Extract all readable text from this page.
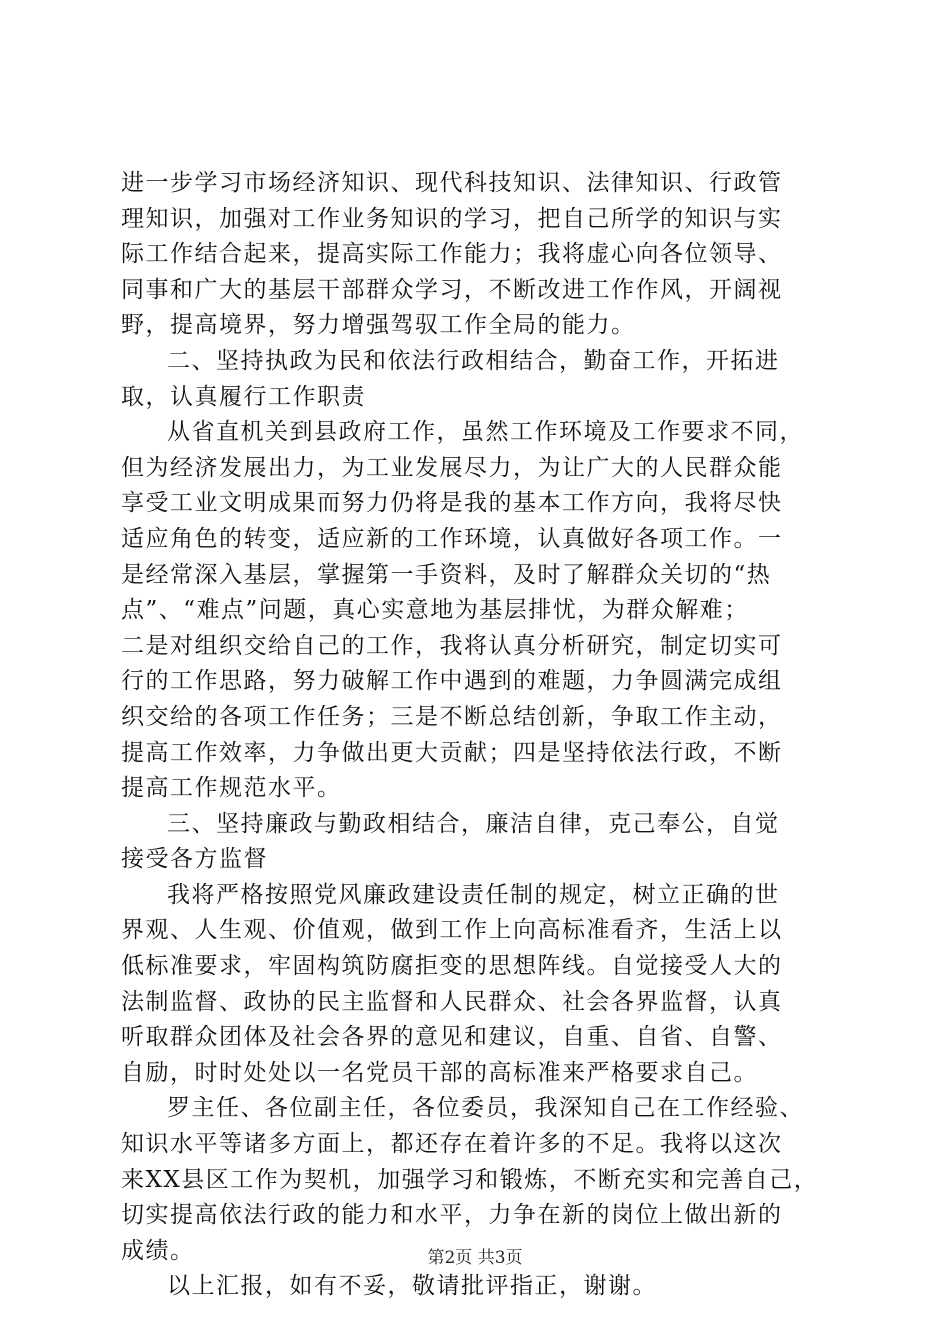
进一步学习市场经济知识、现代科技知识、法律知识、行政管
理知识，加强对工作业务知识的学习，把自己所学的知识与实
际工作结合起来，提高实际工作能力；我将虚心向各位领导、
同事和广大的基层干部群众学习，不断改进工作作风，开阔视
野，提高境界，努力增强驾驭工作全局的能力。
二、坚持执政为民和依法行政相结合，勤奋工作，开拓进
取，认真履行工作职责
从省直机关到县政府工作，虽然工作环境及工作要求不同，
但为经济发展出力，为工业发展尽力，为让广大的人民群众能
享受工业文明成果而努力仍将是我的基本工作方向，我将尽快
适应角色的转变，适应新的工作环境，认真做好各项工作。一
是经常深入基层，掌握第一手资料，及时了解群众关切的“热
点”、“难点”问题，真心实意地为基层排忧，为群众解难；
二是对组织交给自己的工作，我将认真分析研究，制定切实可
行的工作思路，努力破解工作中遇到的难题，力争圆满完成组
织交给的各项工作任务；三是不断总结创新，争取工作主动，
提高工作效率，力争做出更大贡献；四是坚持依法行政，不断
提高工作规范水平。
三、坚持廉政与勤政相结合，廉洁自律，克己奉公，自觉
接受各方监督
我将严格按照党风廉政建设责任制的规定，树立正确的世
界观、人生观、价值观，做到工作上向高标准看齐，生活上以
低标准要求，牢固构筑防腐拒变的思想阵线。自觉接受人大的
法制监督、政协的民主监督和人民群众、社会各界监督，认真
听取群众团体及社会各界的意见和建议，自重、自省、自警、
自励，时时处处以一名党员干部的高标准来严格要求自己。
罗主任、各位副主任，各位委员，我深知自己在工作经验、
知识水平等诸多方面上，都还存在着许多的不足。我将以这次
来XX县区工作为契机，加强学习和锻炼，不断充实和完善自己，
切实提高依法行政的能力和水平，力争在新的岗位上做出新的
成绩。
以上汇报，如有不妥，敬请批评指正，谢谢。
第2页 共3页
